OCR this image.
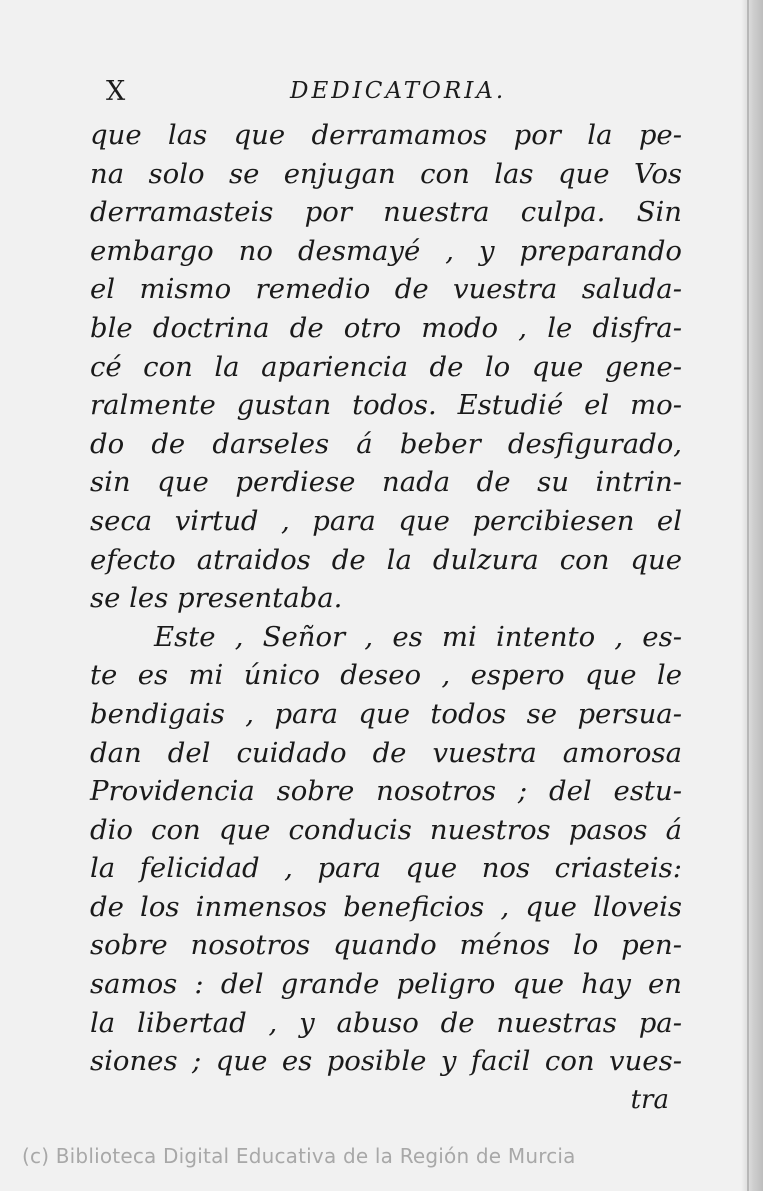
X	DEDICATORIA.
que las que derramamos por la pe-
na solo se enjugan con las que Vos
derramasteis por nuestra culpa. Sin
embargo no desmayé , y preparando
el mismo remedio de vuestra saluda-
ble doctrina de otro modo , le disfra-
cé con la apariencia de lo que gene-
ralmente gustan todos. Estudié el mo-
do de darseles á beber desfigurado,
sin que perdiese nada de su intrin-
seca virtud , para que percibiesen el
efecto atraidos de la dulzura con que
se les presentaba.
Este , Señor , es mi intento , es-
te es mi único deseo , espero que le
bendigais , para que todos se persua-
dan del cuidado de vuestra amorosa
Providencia sobre nosotros ; del estu-
dio con que conducis nuestros pasos á
la felicidad , para que nos criasteis:
de los inmensos beneficios , que lloveis
sobre nosotros quando ménos lo pen-
samos : del grande peligro que hay en
la libertad , y abuso de nuestras pa-
siones ; que es posible y facil con vues-
tra
(c) Biblioteca Digital Educativa de la Región de Murcia
